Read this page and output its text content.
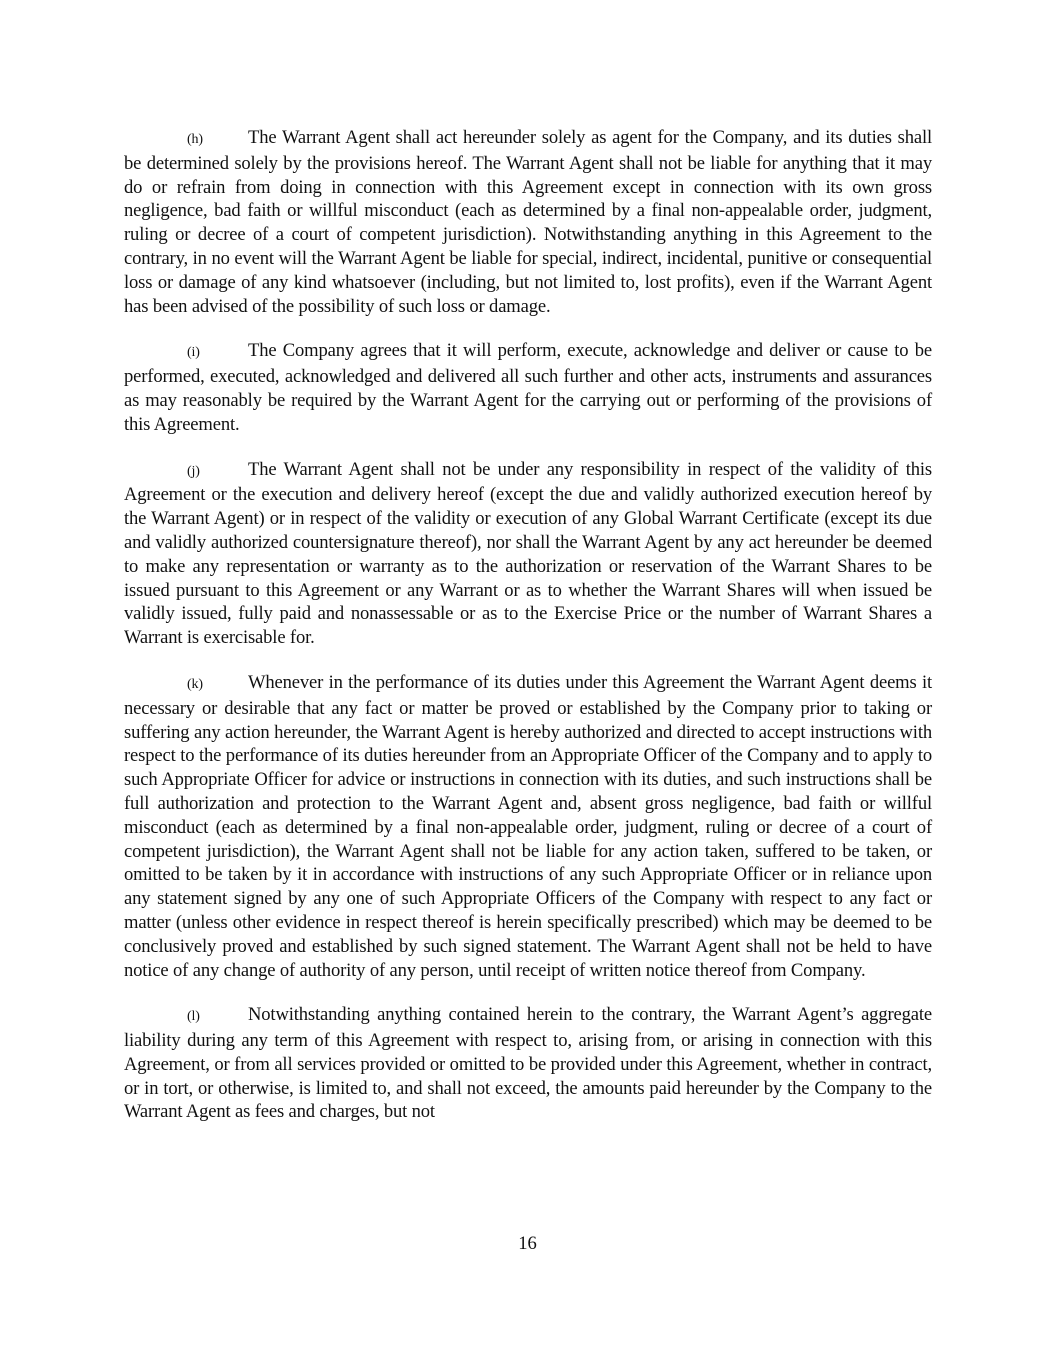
(h) The Warrant Agent shall act hereunder solely as agent for the Company, and its duties shall be determined solely by the provisions hereof. The Warrant Agent shall not be liable for anything that it may do or refrain from doing in connection with this Agreement except in connection with its own gross negligence, bad faith or willful misconduct (each as determined by a final non-appealable order, judgment, ruling or decree of a court of competent jurisdiction). Notwithstanding anything in this Agreement to the contrary, in no event will the Warrant Agent be liable for special, indirect, incidental, punitive or consequential loss or damage of any kind whatsoever (including, but not limited to, lost profits), even if the Warrant Agent has been advised of the possibility of such loss or damage.

(i)	The Company agrees that it will perform, execute, acknowledge and deliver or cause to be performed, executed, acknowledged and delivered all such further and other acts, instruments and assurances as may reasonably be required by the Warrant Agent for the carrying out or performing of the provisions of this Agreement.

(j)	The Warrant Agent shall not be under any responsibility in respect of the validity of this Agreement or the execution and delivery hereof (except the due and validly authorized execution hereof by the Warrant Agent) or in respect of the validity or execution of any Global Warrant Certificate (except its due and validly authorized countersignature thereof), nor shall the Warrant Agent by any act hereunder be deemed to make any representation or warranty as to the authorization or reservation of the Warrant Shares to be issued pursuant to this Agreement or any Warrant or as to whether the Warrant Shares will when issued be validly issued, fully paid and nonassessable or as to the Exercise Price or the number of Warrant Shares a Warrant is exercisable for.

(k) Whenever in the performance of its duties under this Agreement the Warrant Agent deems it necessary or desirable that any fact or matter be proved or established by the Company prior to taking or suffering any action hereunder, the Warrant Agent is hereby authorized and directed to accept instructions with respect to the performance of its duties hereunder from an Appropriate Officer of the Company and to apply to such Appropriate Officer for advice or instructions in connection with its duties, and such instructions shall be full authorization and protection to the Warrant Agent and, absent gross negligence, bad faith or willful misconduct (each as determined by a final non-appealable order, judgment, ruling or decree of a court of competent jurisdiction), the Warrant Agent shall not be liable for any action taken, suffered to be taken, or omitted to be taken by it in accordance with instructions of any such Appropriate Officer or in reliance upon any statement signed by any one of such Appropriate Officers of the Company with respect to any fact or matter (unless other evidence in respect thereof is herein specifically prescribed) which may be deemed to be conclusively proved and established by such signed statement. The Warrant Agent shall not be held to have notice of any change of authority of any person, until receipt of written notice thereof from Company.

(l)	Notwithstanding anything contained herein to the contrary, the Warrant Agent’s aggregate liability during any term of this Agreement with respect to, arising from, or arising in connection with this Agreement, or from all services provided or omitted to be provided under this Agreement, whether in contract, or in tort, or otherwise, is limited to, and shall not exceed, the amounts paid hereunder by the Company to the Warrant Agent as fees and charges, but not

16
